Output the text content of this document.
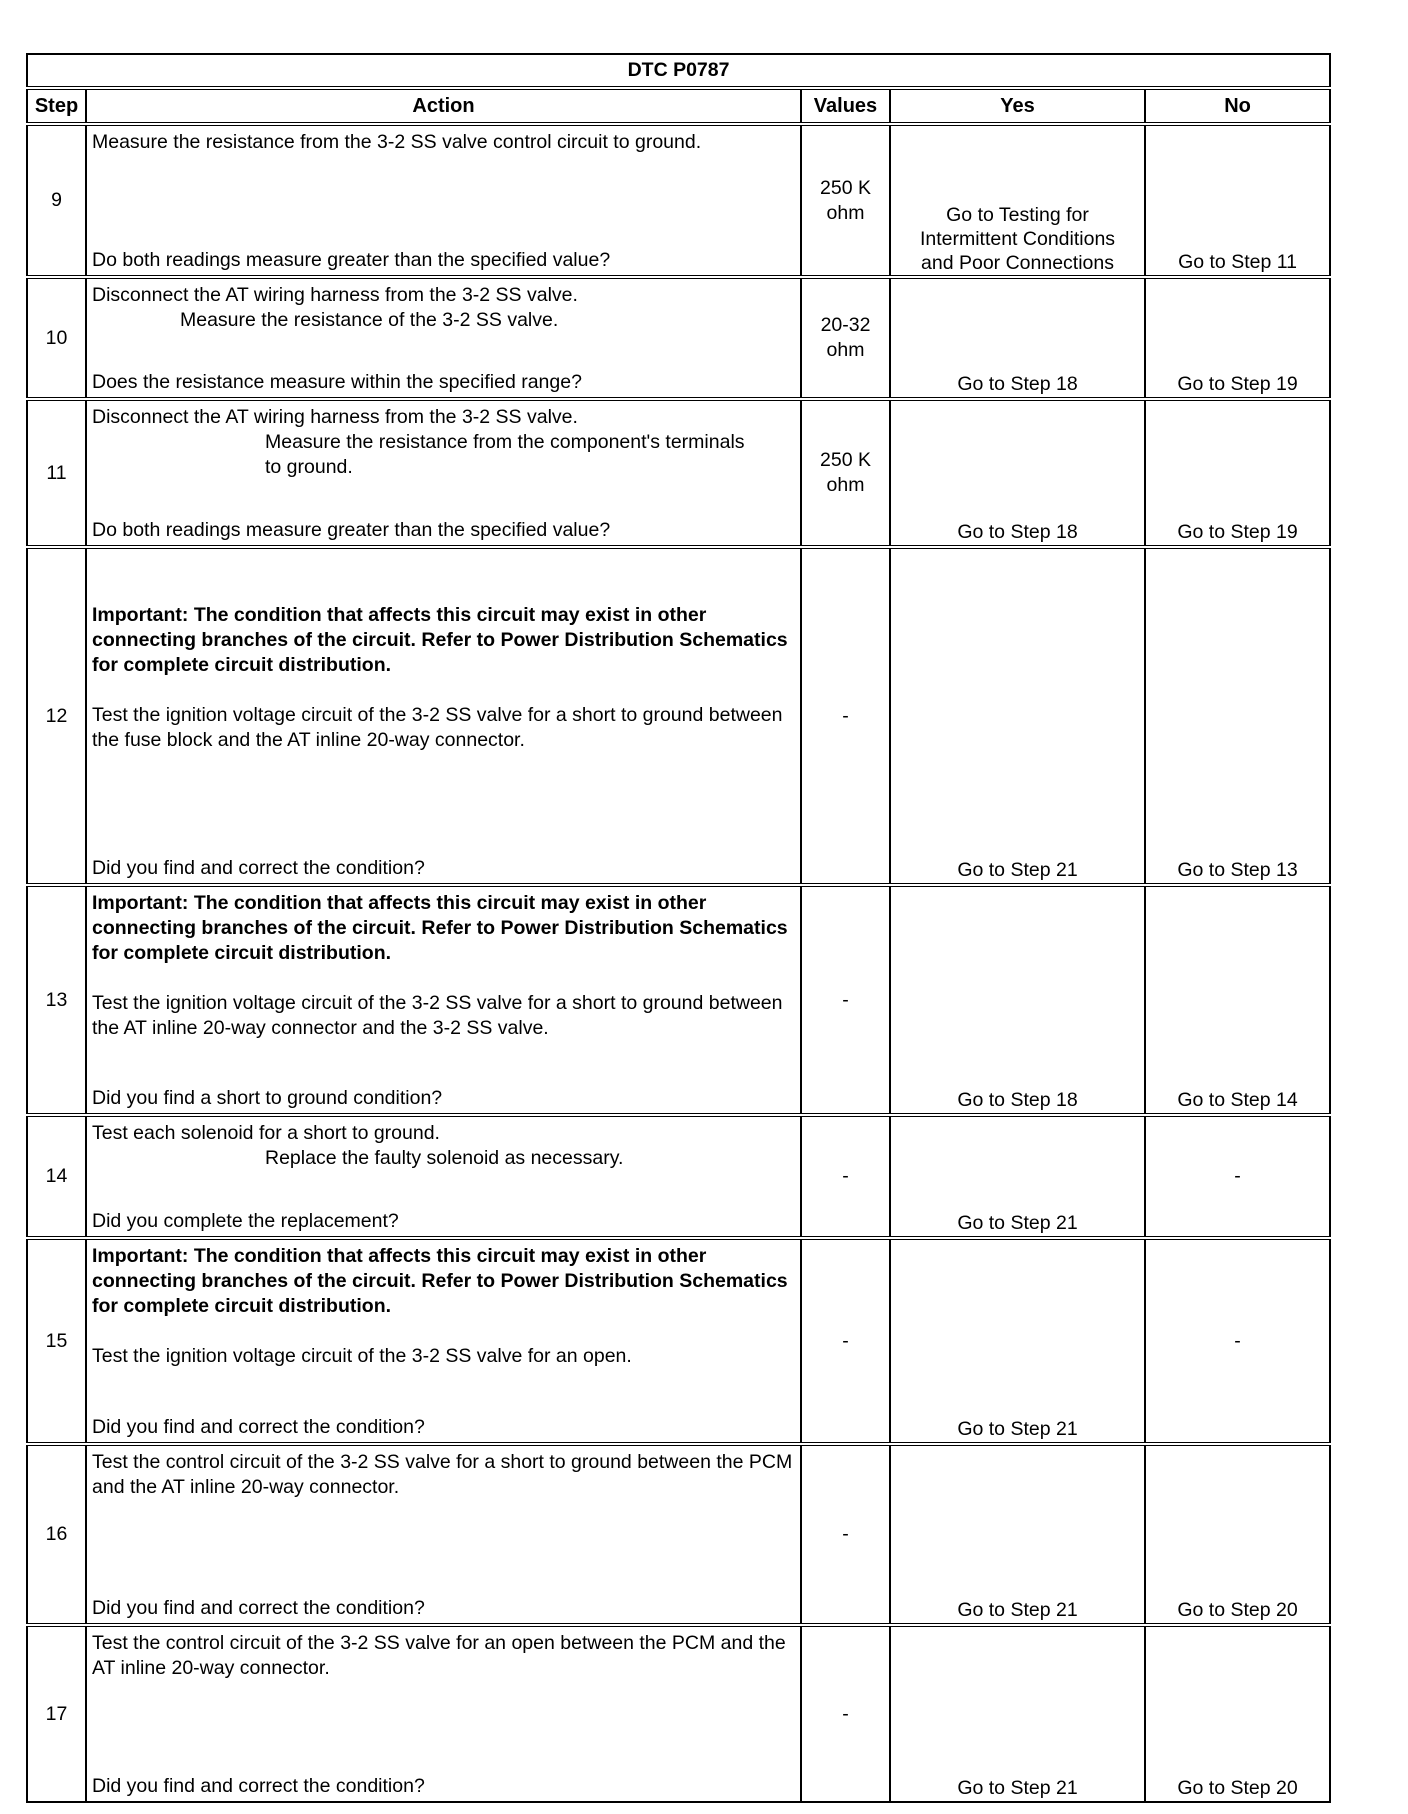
DTC P0787				
Step	Action	Values	Yes	No
9	Measure the resistance from the 3-2 SS valve control circuit to ground.
Do both readings measure greater than the specified value?	250 K ohm	Go to Testing for Intermittent Conditions and Poor Connections	Go to Step 11
10	Disconnect the AT wiring harness from the 3-2 SS valve.
Measure the resistance of the 3-2 SS valve.
Does the resistance measure within the specified range?	20-32 ohm	Go to Step 18	Go to Step 19
11	Disconnect the AT wiring harness from the 3-2 SS valve.
Measure the resistance from the component's terminals to ground.
Do both readings measure greater than the specified value?	250 K ohm	Go to Step 18	Go to Step 19
12	Important: The condition that affects this circuit may exist in other connecting branches of the circuit. Refer to Power Distribution Schematics for complete circuit distribution.
Test the ignition voltage circuit of the 3-2 SS valve for a short to ground between the fuse block and the AT inline 20-way connector.
Did you find and correct the condition?	-	Go to Step 21	Go to Step 13
13	Important: The condition that affects this circuit may exist in other connecting branches of the circuit. Refer to Power Distribution Schematics for complete circuit distribution.
Test the ignition voltage circuit of the 3-2 SS valve for a short to ground between the AT inline 20-way connector and the 3-2 SS valve.
Did you find a short to ground condition?	-	Go to Step 18	Go to Step 14
14	Test each solenoid for a short to ground.
Replace the faulty solenoid as necessary.
Did you complete the replacement?	-	Go to Step 21	-
15	Important: The condition that affects this circuit may exist in other connecting branches of the circuit. Refer to Power Distribution Schematics for complete circuit distribution.
Test the ignition voltage circuit of the 3-2 SS valve for an open.
Did you find and correct the condition?	-	Go to Step 21	-
16	Test the control circuit of the 3-2 SS valve for a short to ground between the PCM and the AT inline 20-way connector.
Did you find and correct the condition?	-	Go to Step 21	Go to Step 20
17	Test the control circuit of the 3-2 SS valve for an open between the PCM and the AT inline 20-way connector.
Did you find and correct the condition?	-	Go to Step 21	Go to Step 20
